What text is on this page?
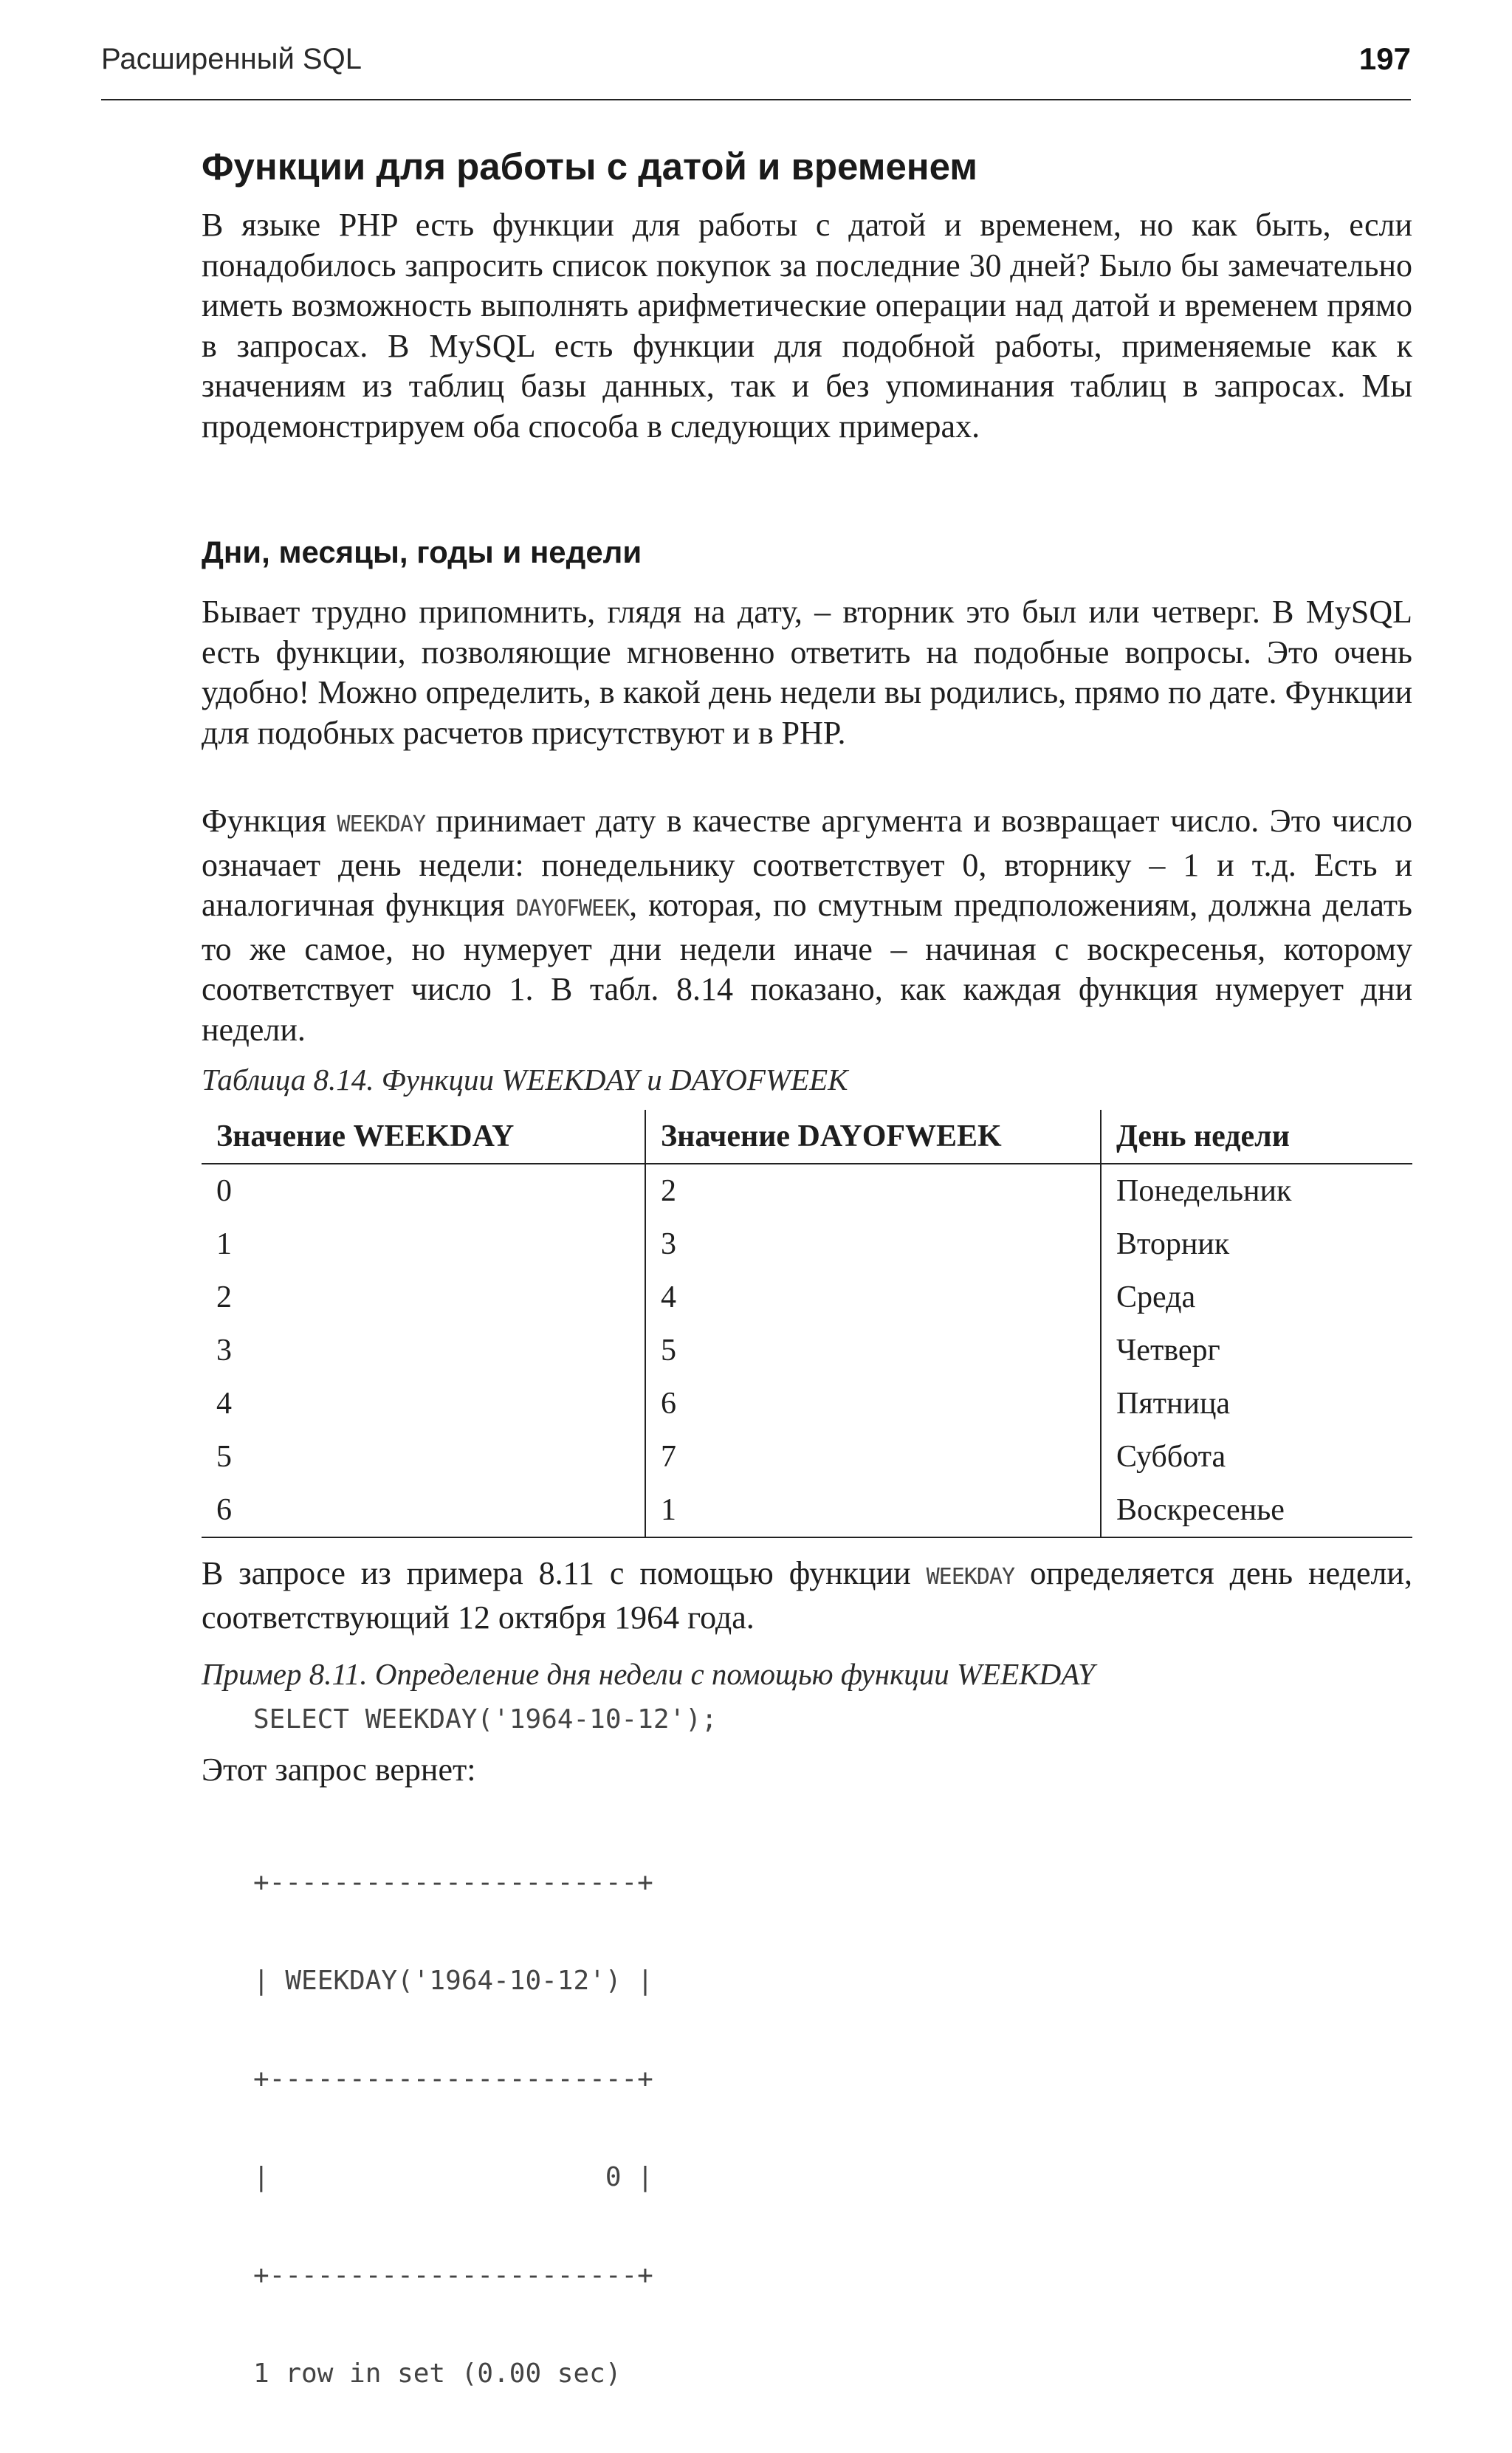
Расширенный SQL	197
Функции для работы с датой и временем

В языке PHP есть функции для работы с датой и временем, но как быть, если понадобилось запросить список покупок за последние 30 дней? Было бы замечательно иметь возможность выполнять арифметические операции над датой и временем прямо в запросах. В MySQL есть функции для подобной работы, применяемые как к значениям из таблиц базы данных, так и без упоминания таблиц в запросах. Мы продемонстрируем оба способа в следующих примерах.

Дни, месяцы, годы и недели

Бывает трудно припомнить, глядя на дату, – вторник это был или четверг. В MySQL есть функции, позволяющие мгновенно ответить на подобные вопросы. Это очень удобно! Можно определить, в какой день недели вы родились, прямо по дате. Функции для подобных расчетов присутствуют и в PHP.

Функция WEEKDAY принимает дату в качестве аргумента и возвращает число. Это число означает день недели: понедельнику соответствует 0, вторнику – 1 и т.д. Есть и аналогичная функция DAYOFWEEK, которая, по смутным предположениям, должна делать то же самое, но нумерует дни недели иначе – начиная с воскресенья, которому соответствует число 1. В табл. 8.14 показано, как каждая функция нумерует дни недели.

Таблица 8.14. Функции WEEKDAY и DAYOFWEEK

Значение WEEKDAY	Значение DAYOFWEEK	День недели
0	2	Понедельник
1	3	Вторник
2	4	Среда
3	5	Четверг
4	6	Пятница
5	7	Суббота
6	1	Воскресенье

В запросе из примера 8.11 с помощью функции WEEKDAY определяется день недели, соответствующий 12 октября 1964 года.

Пример 8.11. Определение дня недели с помощью функции WEEKDAY

SELECT WEEKDAY('1964-10-12');

Этот запрос вернет:

+-----------------------+

| WEEKDAY('1964-10-12') |

+-----------------------+

|                     0 |

+-----------------------+

1 row in set (0.00 sec)
